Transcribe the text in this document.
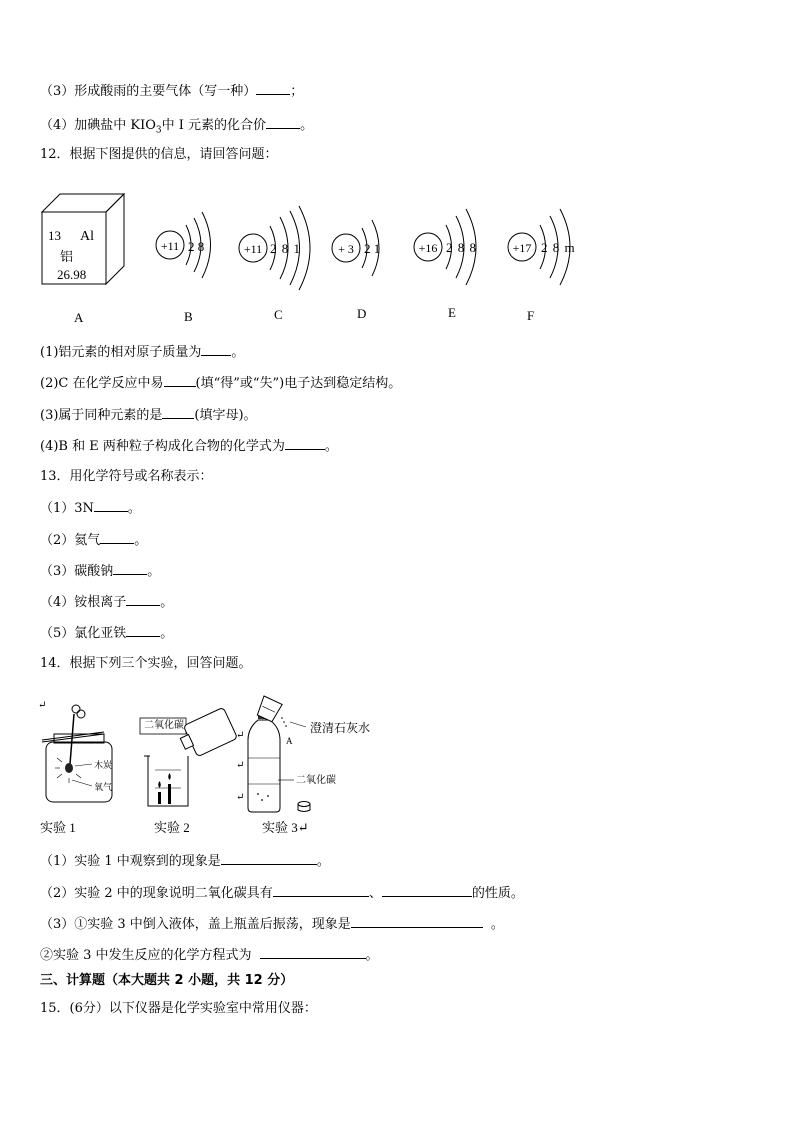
（3）形成酸雨的主要气体（写一种）	；
（4）加碘盐中 $KIO_3$中 I 元素的化合价	。
12．根据下图提供的信息，请回答问题：
13 Al
铝
26.98
+11 2 8	+11 2 8 1	+ 3 2 1	+16 2 8 8	+17 2 8 m
A	B	C	D	E	F
(1)铝元素的相对原子质量为 。
(2)C 在化学反应中易 (填“得”或“失”)电子达到稳定结构。
(3)属于同种元素的是 (填字母)。
(4)B 和 E 两种粒子构成化合物的化学式为	。
13．用化学符号或名称表示：
（1）3N	。
（2）氦气	。
（3）碳酸钠	。
（4）铵根离子	。
（5）氯化亚铁	。
14．根据下列三个实验，回答问题。
↵
木炭
氧气
二氧化碳	澄清石灰水
A
二氧化碳
↵
↵
↵
实验 1	实验 2	实验 3↵
（1）实验 1 中观察到的现象是	。
（2）实验 2 中的现象说明二氧化碳具有	、	的性质。
（3）①实验 3 中倒入液体，盖上瓶盖后振荡，现象是	。
②实验 3 中发生反应的化学方程式为	。
三、计算题（本大题共 2 小题，共 12 分）
15．(6分）以下仪器是化学实验室中常用仪器：
